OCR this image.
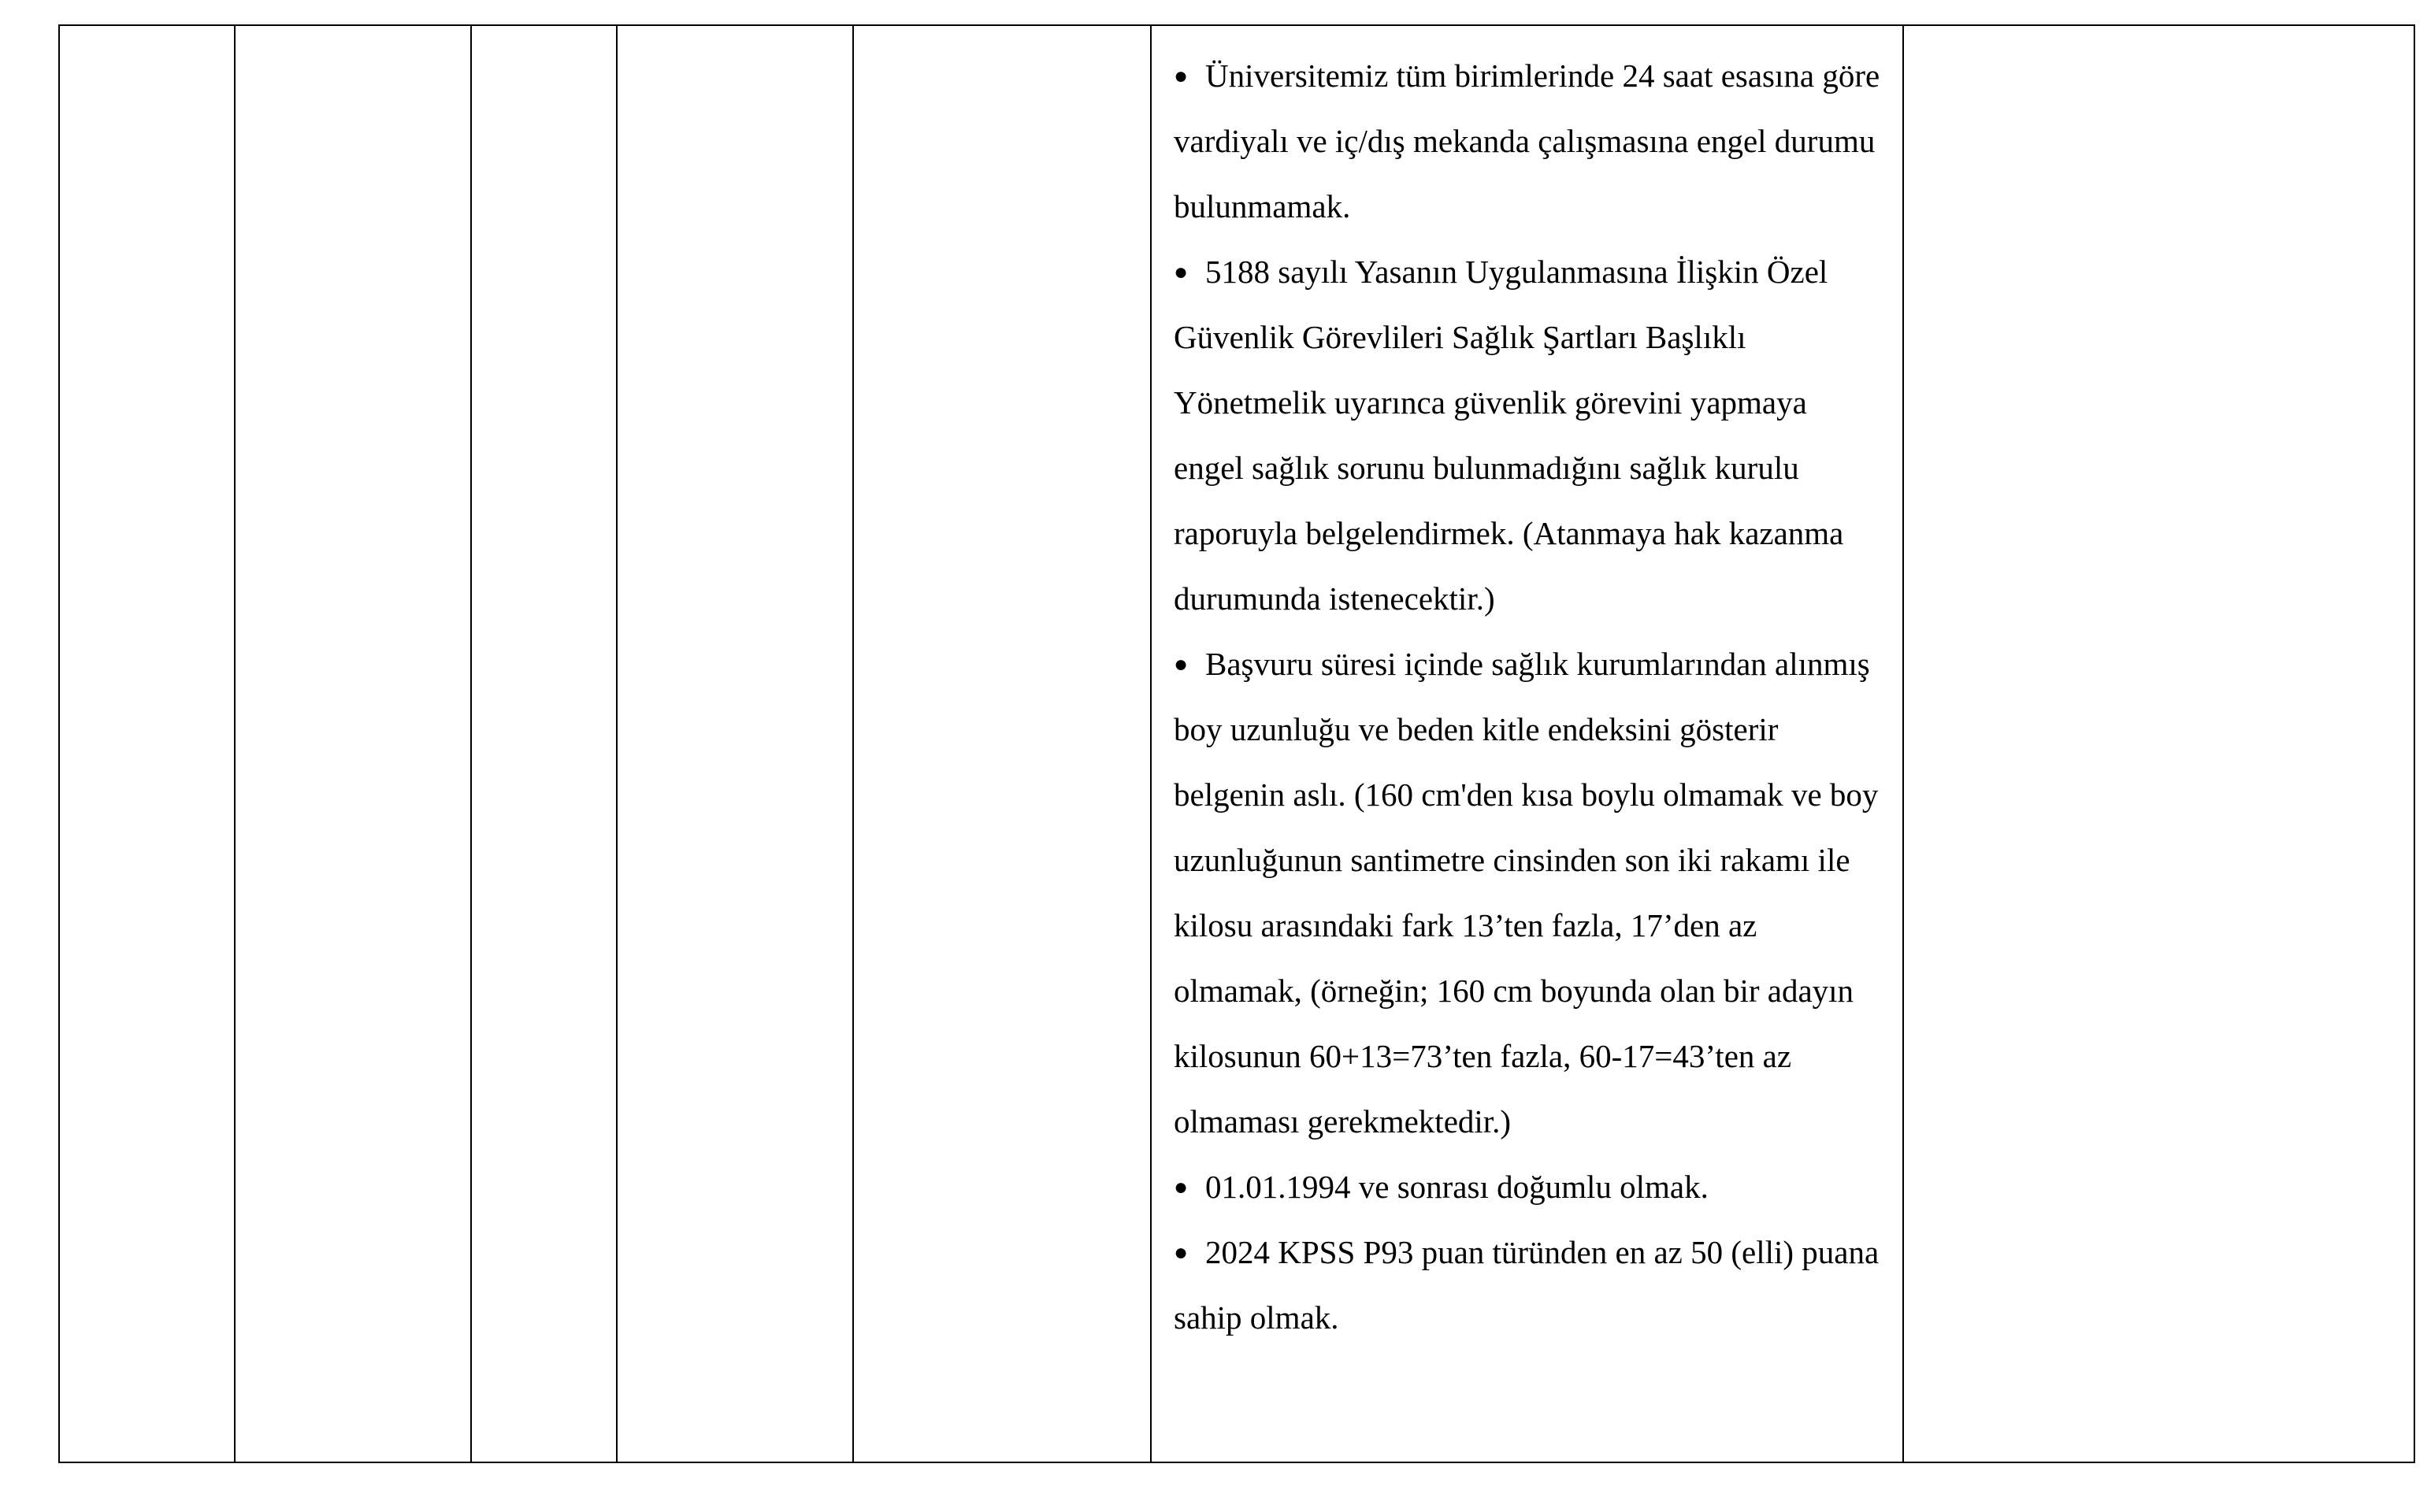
● Üniversitemiz tüm birimlerinde 24 saat esasına göre vardiyalı ve iç/dış mekanda çalışmasına engel durumu bulunmamak.
● 5188 sayılı Yasanın Uygulanmasına İlişkin Özel Güvenlik Görevlileri Sağlık Şartları Başlıklı Yönetmelik uyarınca güvenlik görevini yapmaya engel sağlık sorunu bulunmadığını sağlık kurulu raporuyla belgelendirmek. (Atanmaya hak kazanma durumunda istenecektir.)
● Başvuru süresi içinde sağlık kurumlarından alınmış boy uzunluğu ve beden kitle endeksini gösterir belgenin aslı. (160 cm'den kısa boylu olmamak ve boy uzunluğunun santimetre cinsinden son iki rakamı ile kilosu arasındaki fark 13’ten fazla, 17’den az olmamak, (örneğin; 160 cm boyunda olan bir adayın kilosunun 60+13=73’ten fazla, 60-17=43’ten az olmaması gerekmektedir.)
● 01.01.1994 ve sonrası doğumlu olmak.
● 2024 KPSS P93 puan türünden en az 50 (elli) puana sahip olmak.
